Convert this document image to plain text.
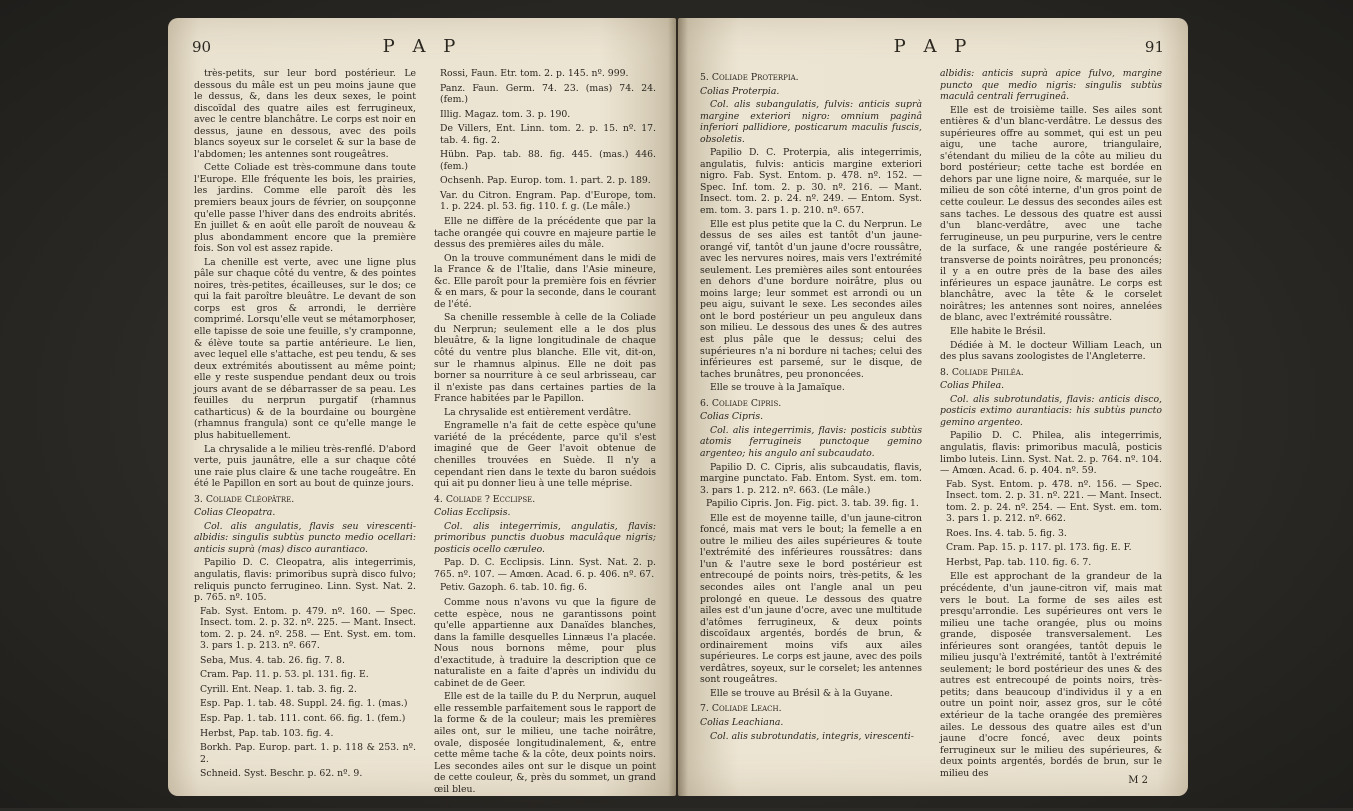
90	P A P

très-petits, sur leur bord postérieur. Le dessous du mâle est un peu moins jaune que le dessus, &, dans les deux sexes, le point discoïdal des quatre ailes est ferrugineux, avec le centre blanchâtre. Le corps est noir en dessus, jaune en dessous, avec des poils blancs soyeux sur le corselet & sur la base de l'abdomen; les antennes sont rougeâtres.

Cette Coliade est très-commune dans toute l'Europe. Elle fréquente les bois, les prairies, les jardins. Comme elle paroît dès les premiers beaux jours de février, on soupçonne qu'elle passe l'hiver dans des endroits abrités. En juillet & en août elle paroît de nouveau & plus abondamment encore que la première fois. Son vol est assez rapide.

La chenille est verte, avec une ligne plus pâle sur chaque côté du ventre, & des pointes noires, très-petites, écailleuses, sur le dos; ce qui la fait paroître bleuâtre. Le devant de son corps est gros & arrondi, le derrière comprimé. Lorsqu'elle veut se métamorphoser, elle tapisse de soie une feuille, s'y cramponne, & élève toute sa partie antérieure. Le lien, avec lequel elle s'attache, est peu tendu, & ses deux extrémités aboutissent au même point; elle y reste suspendue pendant deux ou trois jours avant de se débarrasser de sa peau. Les feuilles du nerprun purgatif (rhamnus catharticus) & de la bourdaine ou bourgène (rhamnus frangula) sont ce qu'elle mange le plus habituellement.

La chrysalide a le milieu très-renflé. D'abord verte, puis jaunâtre, elle a sur chaque côté une raie plus claire & une tache rougeâtre. En été le Papillon en sort au bout de quinze jours.

3. Coliade Cléopâtre.

Colias Cleopatra.

Col. alis angulatis, flavis seu virescenti-albidis: singulis subtùs puncto medio ocellari: anticis suprà (mas) disco aurantiaco.

Papilio D. C. Cleopatra, alis integerrimis, angulatis, flavis: primoribus suprà disco fulvo; reliquis puncto ferrugineo. Linn. Syst. Nat. 2. p. 765. nº. 105.

Fab. Syst. Entom. p. 479. nº. 160. — Spec. Insect. tom. 2. p. 32. nº. 225. — Mant. Insect. tom. 2. p. 24. nº. 258. — Ent. Syst. em. tom. 3. pars 1. p. 213. nº. 667.

Seba, Mus. 4. tab. 26. fig. 7. 8.

Cram. Pap. 11. p. 53. pl. 131. fig. E.

Cyrill. Ent. Neap. 1. tab. 3. fig. 2.

Esp. Pap. 1. tab. 48. Suppl. 24. fig. 1. (mas.)

Esp. Pap. 1. tab. 111. cont. 66. fig. 1. (fem.)

Herbst, Pap. tab. 103. fig. 4.

Borkh. Pap. Europ. part. 1. p. 118 & 253. nº. 2.

Schneid. Syst. Beschr. p. 62. nº. 9.

Rossi, Faun. Etr. tom. 2. p. 145. nº. 999.

Panz. Faun. Germ. 74. 23. (mas) 74. 24. (fem.)

Illig. Magaz. tom. 3. p. 190.

De Villers, Ent. Linn. tom. 2. p. 15. nº. 17. tab. 4. fig. 2.

Hübn. Pap. tab. 88. fig. 445. (mas.) 446. (fem.)

Ochsenh. Pap. Europ. tom. 1. part. 2. p. 189.

Var. du Citron. Engram. Pap. d'Europe, tom. 1. p. 224. pl. 53. fig. 110. f. g. (Le mâle.)

Elle ne diffère de la précédente que par la tache orangée qui couvre en majeure partie le dessus des premières ailes du mâle.

On la trouve communément dans le midi de la France & de l'Italie, dans l'Asie mineure, &c. Elle paroît pour la première fois en février & en mars, & pour la seconde, dans le courant de l'été.

Sa chenille ressemble à celle de la Coliade du Nerprun; seulement elle a le dos plus bleuâtre, & la ligne longitudinale de chaque côté du ventre plus blanche. Elle vit, dit-on, sur le rhamnus alpinus. Elle ne doit pas borner sa nourriture à ce seul arbrisseau, car il n'existe pas dans certaines parties de la France habitées par le Papillon.

La chrysalide est entièrement verdâtre.

Engramelle n'a fait de cette espèce qu'une variété de la précédente, parce qu'il s'est imaginé que de Geer l'avoit obtenue de chenilles trouvées en Suède. Il n'y a cependant rien dans le texte du baron suédois qui ait pu donner lieu à une telle méprise.

4. Coliade ? Ecclipse.

Colias Ecclipsis.

Col. alis integerrimis, angulatis, flavis: primoribus punctis duobus maculâque nigris; posticis ocello cæruleo.

Pap. D. C. Ecclipsis. Linn. Syst. Nat. 2. p. 765. nº. 107. — Amœn. Acad. 6. p. 406. nº. 67.

Petiv. Gazoph. 6. tab. 10. fig. 6.

Comme nous n'avons vu que la figure de cette espèce, nous ne garantissons point qu'elle appartienne aux Danaïdes blanches, dans la famille desquelles Linnæus l'a placée. Nous nous bornons même, pour plus d'exactitude, à traduire la description que ce naturaliste en a faite d'après un individu du cabinet de de Geer.

Elle est de la taille du P. du Nerprun, auquel elle ressemble parfaitement sous le rapport de la forme & de la couleur; mais les premières ailes ont, sur le milieu, une tache noirâtre, ovale, disposée longitudinalement, &, entre cette même tache & la côte, deux points noirs. Les secondes ailes ont sur le disque un point de cette couleur, &, près du sommet, un grand œil bleu.

Elle est de l'Amérique septentrionale.

P A P	91

5. Coliade Proterpia.

Colias Proterpia.

Col. alis subangulatis, fulvis: anticis suprà margine exteriori nigro: omnium paginâ inferiori pallidiore, posticarum maculis fuscis, obsoletis.

Papilio D. C. Proterpia, alis integerrimis, angulatis, fulvis: anticis margine exteriori nigro. Fab. Syst. Entom. p. 478. nº. 152. — Spec. Inf. tom. 2. p. 30. nº. 216. — Mant. Insect. tom. 2. p. 24. nº. 249. — Entom. Syst. em. tom. 3. pars 1. p. 210. nº. 657.

Elle est plus petite que la C. du Nerprun. Le dessus de ses ailes est tantôt d'un jaune-orangé vif, tantôt d'un jaune d'ocre roussâtre, avec les nervures noires, mais vers l'extrémité seulement. Les premières ailes sont entourées en dehors d'une bordure noirâtre, plus ou moins large; leur sommet est arrondi ou un peu aigu, suivant le sexe. Les secondes ailes ont le bord postérieur un peu anguleux dans son milieu. Le dessous des unes & des autres est plus pâle que le dessus; celui des supérieures n'a ni bordure ni taches; celui des inférieures est parsemé, sur le disque, de taches brunâtres, peu prononcées.

Elle se trouve à la Jamaïque.

6. Coliade Cipris.

Colias Cipris.

Col. alis integerrimis, flavis: posticis subtùs atomis ferrugineis punctoque gemino argenteo; his angulo anî subcaudato.

Papilio D. C. Cipris, alis subcaudatis, flavis, margine punctato. Fab. Entom. Syst. em. tom. 3. pars 1. p. 212. nº. 663. (Le mâle.)

Papilio Cipris. Jon. Fig. pict. 3. tab. 39. fig. 1.

Elle est de moyenne taille, d'un jaune-citron foncé, mais mat vers le bout; la femelle a en outre le milieu des ailes supérieures & toute l'extrémité des inférieures roussâtres: dans l'un & l'autre sexe le bord postérieur est entrecoupé de points noirs, très-petits, & les secondes ailes ont l'angle anal un peu prolongé en queue. Le dessous des quatre ailes est d'un jaune d'ocre, avec une multitude d'atômes ferrugineux, & deux points discoïdaux argentés, bordés de brun, & ordinairement moins vifs aux ailes supérieures. Le corps est jaune, avec des poils verdâtres, soyeux, sur le corselet; les antennes sont rougeâtres.

Elle se trouve au Brésil & à la Guyane.

7. Coliade Leach.

Colias Leachiana.

Col. alis subrotundatis, integris, virescenti-

albidis: anticis suprà apice fulvo, margine puncto que medio nigris: singulis subtùs maculâ centrali ferrugineâ.

Elle est de troisième taille. Ses ailes sont entières & d'un blanc-verdâtre. Le dessus des supérieures offre au sommet, qui est un peu aigu, une tache aurore, triangulaire, s'étendant du milieu de la côte au milieu du bord postérieur; cette tache est bordée en dehors par une ligne noire, & marquée, sur le milieu de son côté interne, d'un gros point de cette couleur. Le dessus des secondes ailes est sans taches. Le dessous des quatre est aussi d'un blanc-verdâtre, avec une tache ferrugineuse, un peu purpurine, vers le centre de la surface, & une rangée postérieure & transverse de points noirâtres, peu prononcés; il y a en outre près de la base des ailes inférieures un espace jaunâtre. Le corps est blanchâtre, avec la tête & le corselet noirâtres; les antennes sont noires, annelées de blanc, avec l'extrémité roussâtre.

Elle habite le Brésil.

Dédiée à M. le docteur William Leach, un des plus savans zoologistes de l'Angleterre.

8. Coliade Philéa.

Colias Philea.

Col. alis subrotundatis, flavis: anticis disco, posticis extimo aurantiacis: his subtùs puncto gemino argenteo.

Papilio D. C. Philea, alis integerrimis, angulatis, flavis: primoribus maculâ, posticis limbo luteis. Linn. Syst. Nat. 2. p. 764. nº. 104. — Amœn. Acad. 6. p. 404. nº. 59.

Fab. Syst. Entom. p. 478. nº. 156. — Spec. Insect. tom. 2. p. 31. nº. 221. — Mant. Insect. tom. 2. p. 24. nº. 254. — Ent. Syst. em. tom. 3. pars 1. p. 212. nº. 662.

Roes. Ins. 4. tab. 5. fig. 3.

Cram. Pap. 15. p. 117. pl. 173. fig. E. F.

Herbst, Pap. tab. 110. fig. 6. 7.

Elle est approchant de la grandeur de la précédente, d'un jaune-citron vif, mais mat vers le bout. La forme de ses ailes est presqu'arrondie. Les supérieures ont vers le milieu une tache orangée, plus ou moins grande, disposée transversalement. Les inférieures sont orangées, tantôt depuis le milieu jusqu'à l'extrémité, tantôt à l'extrémité seulement; le bord postérieur des unes & des autres est entrecoupé de points noirs, très-petits; dans beaucoup d'individus il y a en outre un point noir, assez gros, sur le côté extérieur de la tache orangée des premières ailes. Le dessous des quatre ailes est d'un jaune d'ocre foncé, avec deux points ferrugineux sur le milieu des supérieures, & deux points argentés, bordés de brun, sur le milieu des

M 2
